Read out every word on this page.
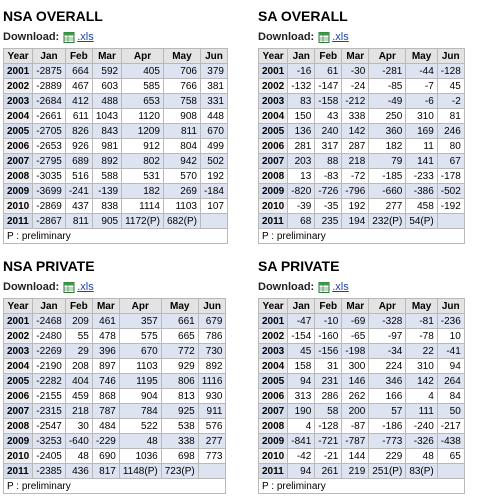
NSA OVERALL
Download: .xls
Year	Jan	Feb	Mar	Apr	May	Jun
2001	-2875	664	592	405	706	379
2002	-2889	467	603	585	766	381
2003	-2684	412	488	653	758	331
2004	-2661	611	1043	1120	908	448
2005	-2705	826	843	1209	811	670
2006	-2653	926	981	912	804	499
2007	-2795	689	892	802	942	502
2008	-3035	516	588	531	570	192
2009	-3699	-241	-139	182	269	-184
2010	-2869	437	838	1114	1103	107
2011	-2867	811	905	1172(P)	682(P)	
P : preliminary						
SA OVERALL
Download: .xls
Year	Jan	Feb	Mar	Apr	May	Jun
2001	-16	61	-30	-281	-44	-128
2002	-132	-147	-24	-85	-7	45
2003	83	-158	-212	-49	-6	-2
2004	150	43	338	250	310	81
2005	136	240	142	360	169	246
2006	281	317	287	182	11	80
2007	203	88	218	79	141	67
2008	13	-83	-72	-185	-233	-178
2009	-820	-726	-796	-660	-386	-502
2010	-39	-35	192	277	458	-192
2011	68	235	194	232(P)	54(P)	
P : preliminary						
NSA PRIVATE
Download: .xls
Year	Jan	Feb	Mar	Apr	May	Jun
2001	-2468	209	461	357	661	679
2002	-2480	55	478	575	665	786
2003	-2269	29	396	670	772	730
2004	-2190	208	897	1103	929	892
2005	-2282	404	746	1195	806	1116
2006	-2155	459	868	904	813	930
2007	-2315	218	787	784	925	911
2008	-2547	30	484	522	538	576
2009	-3253	-640	-229	48	338	277
2010	-2405	48	690	1036	698	773
2011	-2385	436	817	1148(P)	723(P)	
P : preliminary						
SA PRIVATE
Download: .xls
Year	Jan	Feb	Mar	Apr	May	Jun
2001	-47	-10	-69	-328	-81	-236
2002	-154	-160	-65	-97	-78	10
2003	45	-156	-198	-34	22	-41
2004	158	31	300	224	310	94
2005	94	231	146	346	142	264
2006	313	286	262	166	4	84
2007	190	58	200	57	111	50
2008	4	-128	-87	-186	-240	-217
2009	-841	-721	-787	-773	-326	-438
2010	-42	-21	144	229	48	65
2011	94	261	219	251(P)	83(P)	
P : preliminary						
